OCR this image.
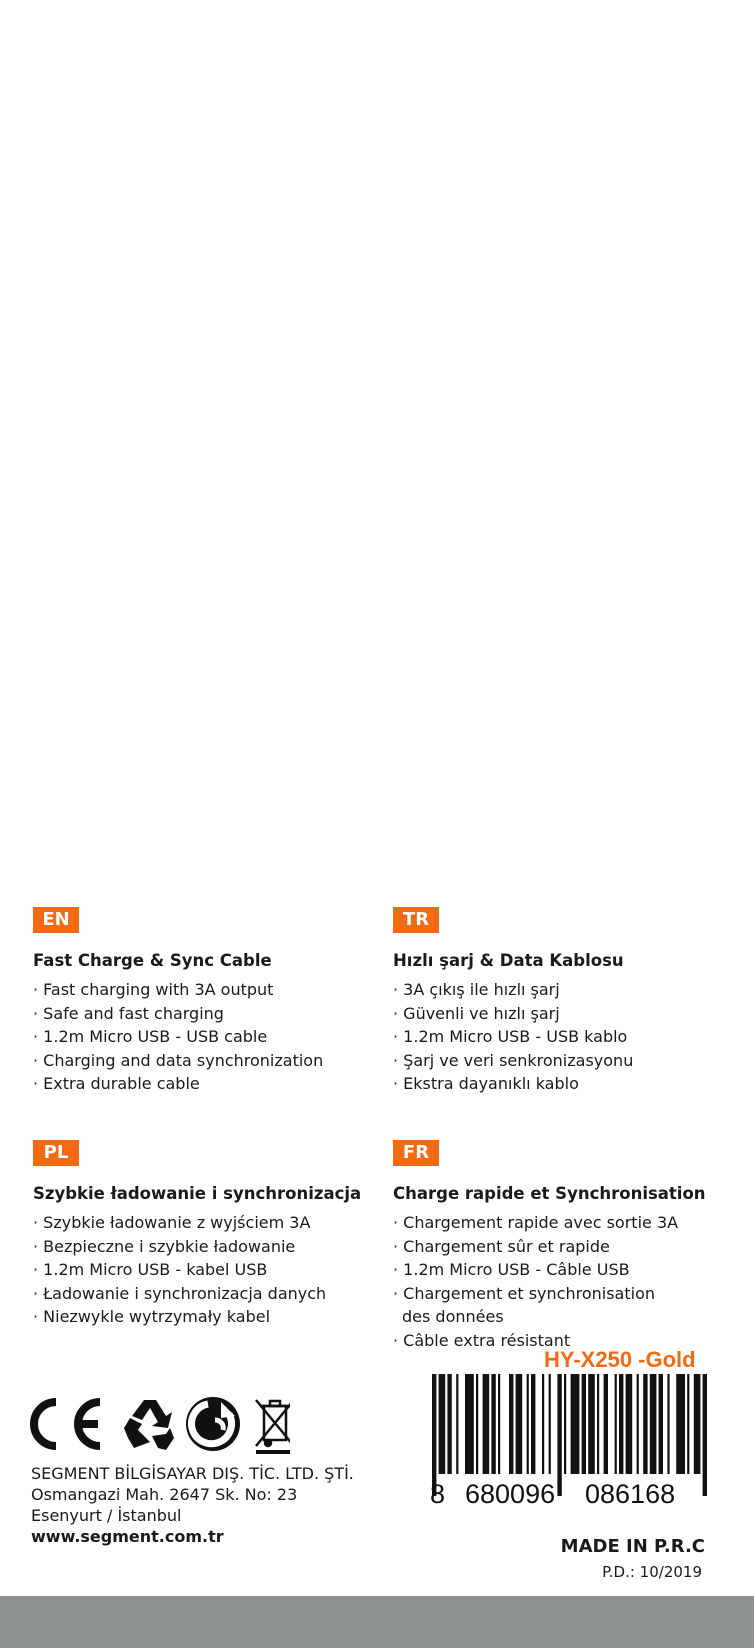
EN
Fast Charge & Sync Cable
· Fast charging with 3A output
· Safe and fast charging
· 1.2m Micro USB - USB cable
· Charging and data synchronization
· Extra durable cable
TR
Hızlı şarj & Data Kablosu
· 3A çıkış ile hızlı şarj
· Güvenli ve hızlı şarj
· 1.2m Micro USB - USB kablo
· Şarj ve veri senkronizasyonu
· Ekstra dayanıklı kablo
PL
Szybkie ładowanie i synchronizacja
· Szybkie ładowanie z wyjściem 3A
· Bezpieczne i szybkie ładowanie
· 1.2m Micro USB - kabel USB
· Ładowanie i synchronizacja danych
· Niezwykle wytrzymały kabel
FR
Charge rapide et Synchronisation
· Chargement rapide avec sortie 3A
· Chargement sûr et rapide
· 1.2m Micro USB - Câble USB
· Chargement et synchronisation
des données
· Câble extra résistant
HY-X250 -Gold
SEGMENT BİLGİSAYAR DIŞ. TİC. LTD. ŞTİ.
Osmangazi Mah. 2647 Sk. No: 23
Esenyurt / İstanbul
www.segment.com.tr
8 680096 086168
MADE IN P.R.C
P.D.: 10/2019
